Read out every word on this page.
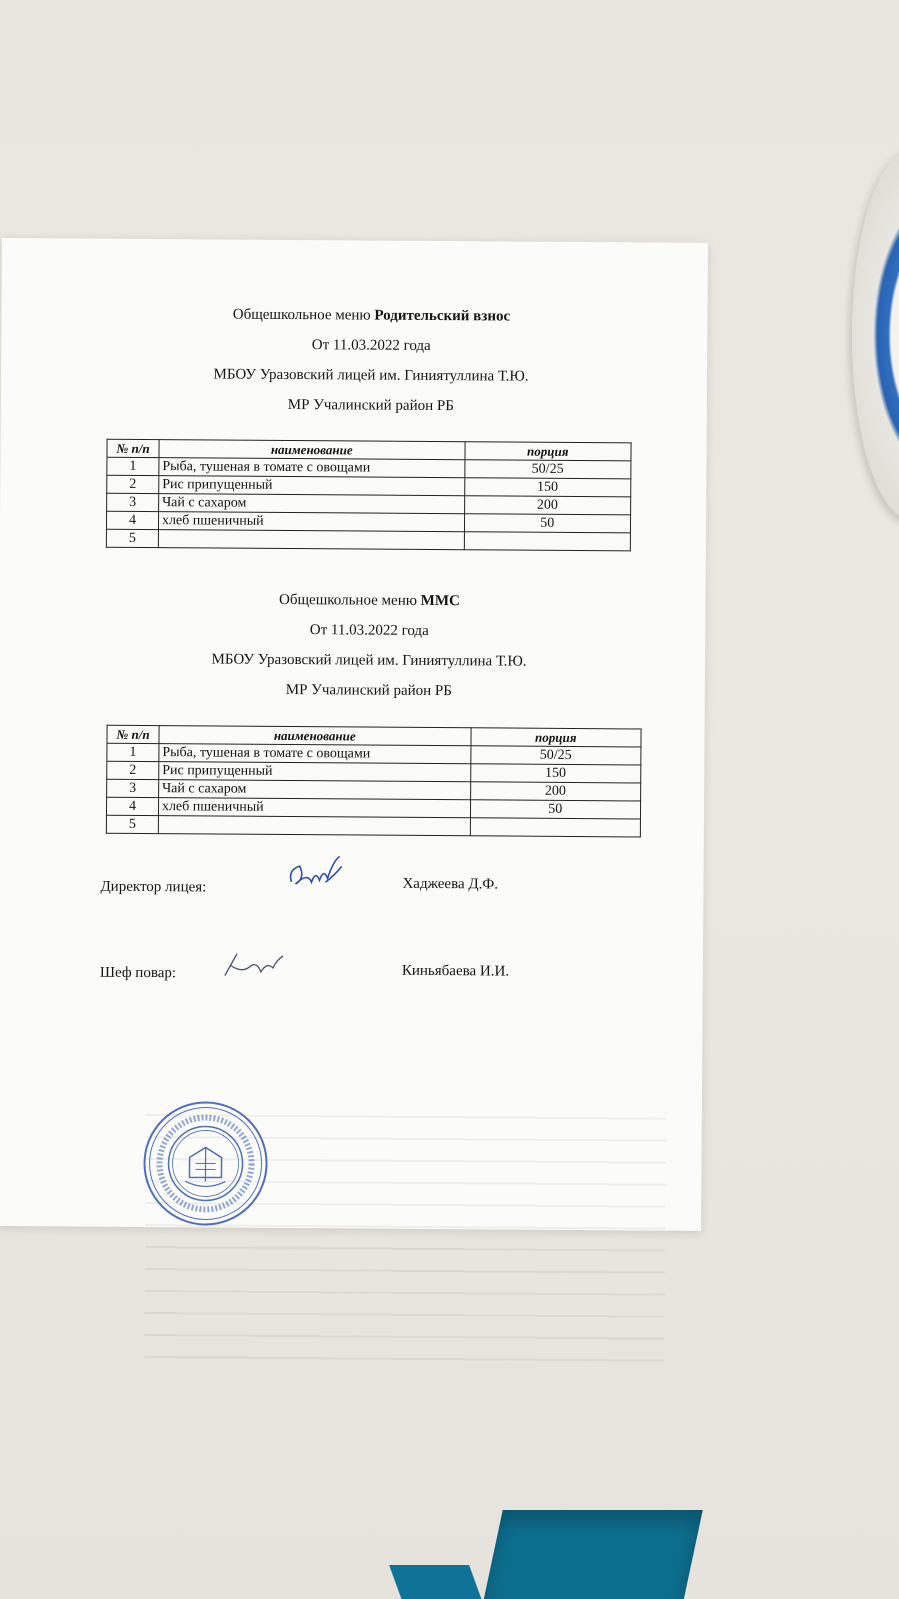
Общешкольное меню Родительский взнос
От 11.03.2022 года
МБОУ Уразовский лицей им. Гиниятуллина Т.Ю.
МР Учалинский район РБ
№ п/п	наименование	порция
1	Рыба, тушеная в томате с овощами	50/25
2	Рис припущенный	150
3	Чай с сахаром	200
4	хлеб пшеничный	50
5		
Общешкольное меню ММС
От 11.03.2022 года
МБОУ Уразовский лицей им. Гиниятуллина Т.Ю.
МР Учалинский район РБ
№ п/п	наименование	порция
1	Рыба, тушеная в томате с овощами	50/25
2	Рис припущенный	150
3	Чай с сахаром	200
4	хлеб пшеничный	50
5		
Директор лицея:	Хаджеева Д.Ф.
Шеф повар:	Киньябаева И.И.
